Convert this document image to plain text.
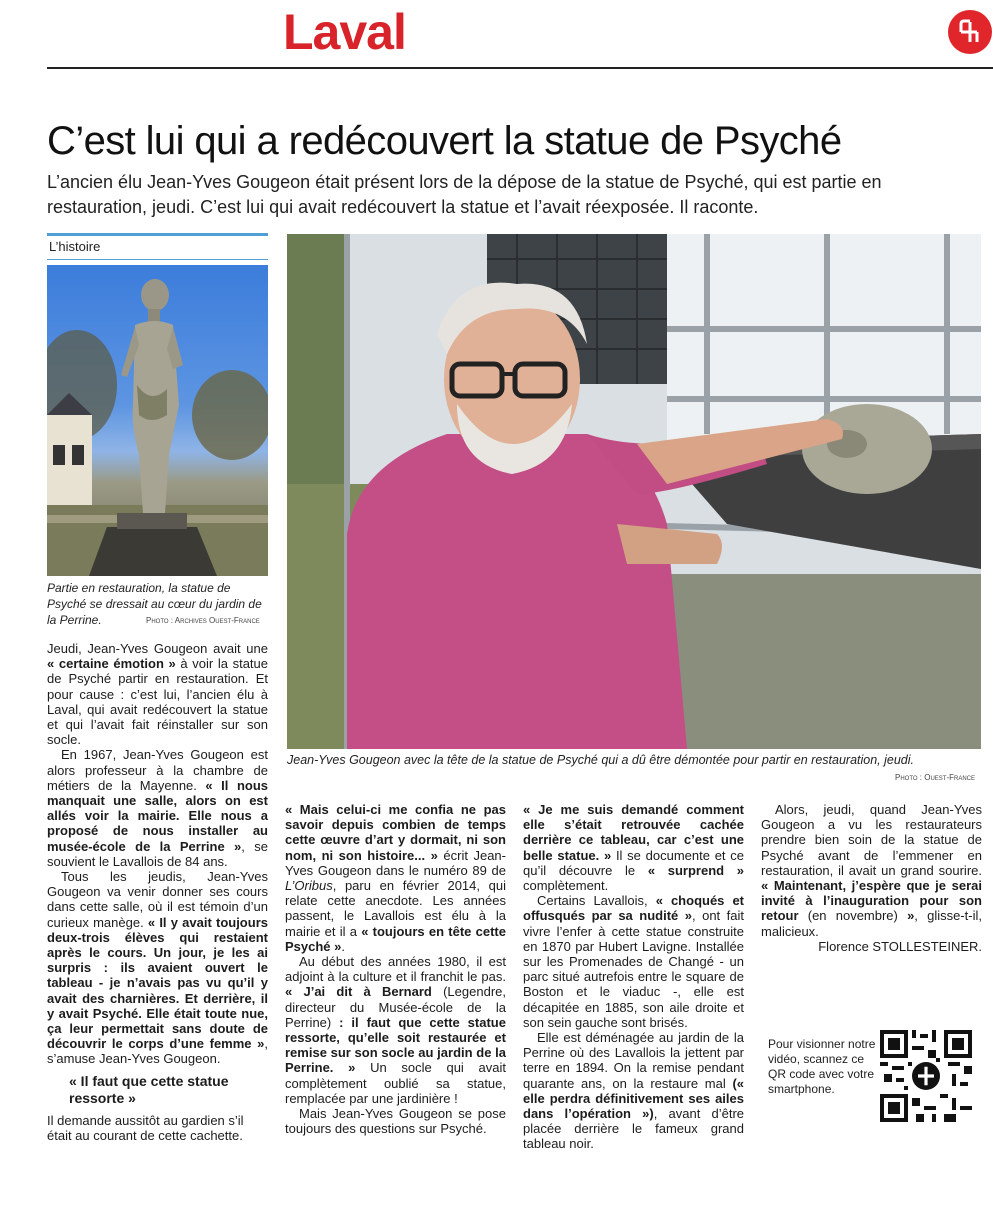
Laval
C’est lui qui a redécouvert la statue de Psyché
L’ancien élu Jean-Yves Gougeon était présent lors de la dépose de la statue de Psyché, qui est partie en restauration, jeudi. C’est lui qui avait redécouvert la statue et l’avait réexposée. Il raconte.
L’histoire
Partie en restauration, la statue de Psyché se dressait au cœur du jardin de la Perrine.	Photo : Archives Ouest-France
Jean-Yves Gougeon avec la tête de la statue de Psyché qui a dû être démontée pour partir en restauration, jeudi.
Photo : Ouest-France

Jeudi, Jean-Yves Gougeon avait une « certaine émotion » à voir la statue de Psyché partir en restauration. Et pour cause : c’est lui, l’ancien élu à Laval, qui avait redécouvert la statue et qui l’avait fait réinstaller sur son socle.

En 1967, Jean-Yves Gougeon est alors professeur à la chambre de métiers de la Mayenne. « Il nous manquait une salle, alors on est allés voir la mairie. Elle nous a proposé de nous installer au musée-école de la Perrine », se souvient le Lavallois de 84 ans.

Tous les jeudis, Jean-Yves Gougeon va venir donner ses cours dans cette salle, où il est témoin d’un curieux manège. « Il y avait toujours deux-trois élèves qui restaient après le cours. Un jour, je les ai surpris : ils avaient ouvert le tableau - je n’avais pas vu qu’il y avait des charnières. Et derrière, il y avait Psyché. Elle était toute nue, ça leur permettait sans doute de découvrir le corps d’une femme », s’amuse Jean-Yves Gougeon.

« Il faut que cette statue ressorte »

Il demande aussitôt au gardien s’il était au courant de cette cachette.

« Mais celui-ci me confia ne pas savoir depuis combien de temps cette œuvre d’art y dormait, ni son nom, ni son histoire... » écrit Jean-Yves Gougeon dans le numéro 89 de L’Oribus, paru en février 2014, qui relate cette anecdote. Les années passent, le Lavallois est élu à la mairie et il a « toujours en tête cette Psyché ».

Au début des années 1980, il est adjoint à la culture et il franchit le pas. « J’ai dit à Bernard (Legendre, directeur du Musée-école de la Perrine) : il faut que cette statue ressorte, qu’elle soit restaurée et remise sur son socle au jardin de la Perrine. » Un socle qui avait complètement oublié sa statue, remplacée par une jardinière !

Mais Jean-Yves Gougeon se pose toujours des questions sur Psyché.

« Je me suis demandé comment elle s’était retrouvée cachée derrière ce tableau, car c’est une belle statue. » Il se documente et ce qu’il découvre le « surprend » complètement.

Certains Lavallois, « choqués et offusqués par sa nudité », ont fait vivre l’enfer à cette statue construite en 1870 par Hubert Lavigne. Installée sur les Promenades de Changé - un parc situé autrefois entre le square de Boston et le viaduc -, elle est décapitée en 1885, son aile droite et son sein gauche sont brisés.

Elle est déménagée au jardin de la Perrine où des Lavallois la jettent par terre en 1894. On la remise pendant quarante ans, on la restaure mal (« elle perdra définitivement ses ailes dans l’opération »), avant d’être placée derrière le fameux grand tableau noir.

Alors, jeudi, quand Jean-Yves Gougeon a vu les restaurateurs prendre bien soin de la statue de Psyché avant de l’emmener en restauration, il avait un grand sourire. « Maintenant, j’espère que je serai invité à l’inauguration pour son retour (en novembre) », glisse-t-il, malicieux.

Florence STOLLESTEINER.

Pour visionner notre vidéo, scannez ce QR code avec votre smartphone.
